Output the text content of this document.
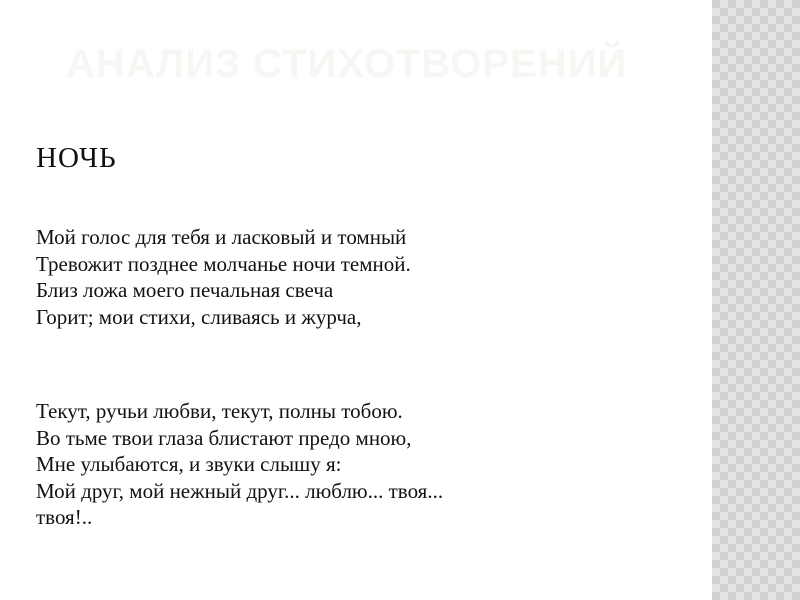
АНАЛИЗ СТИХОТВОРЕНИЙ
НОЧЬ
Мой голос для тебя и ласковый и томный
Тревожит позднее молчанье ночи темной.
Близ ложа моего печальная свеча
Горит; мои стихи, сливаясь и журча,
Текут, ручьи любви, текут, полны тобою.
Во тьме твои глаза блистают предо мною,
Мне улыбаются, и звуки слышу я:
Мой друг, мой нежный друг... люблю... твоя...
твоя!..
